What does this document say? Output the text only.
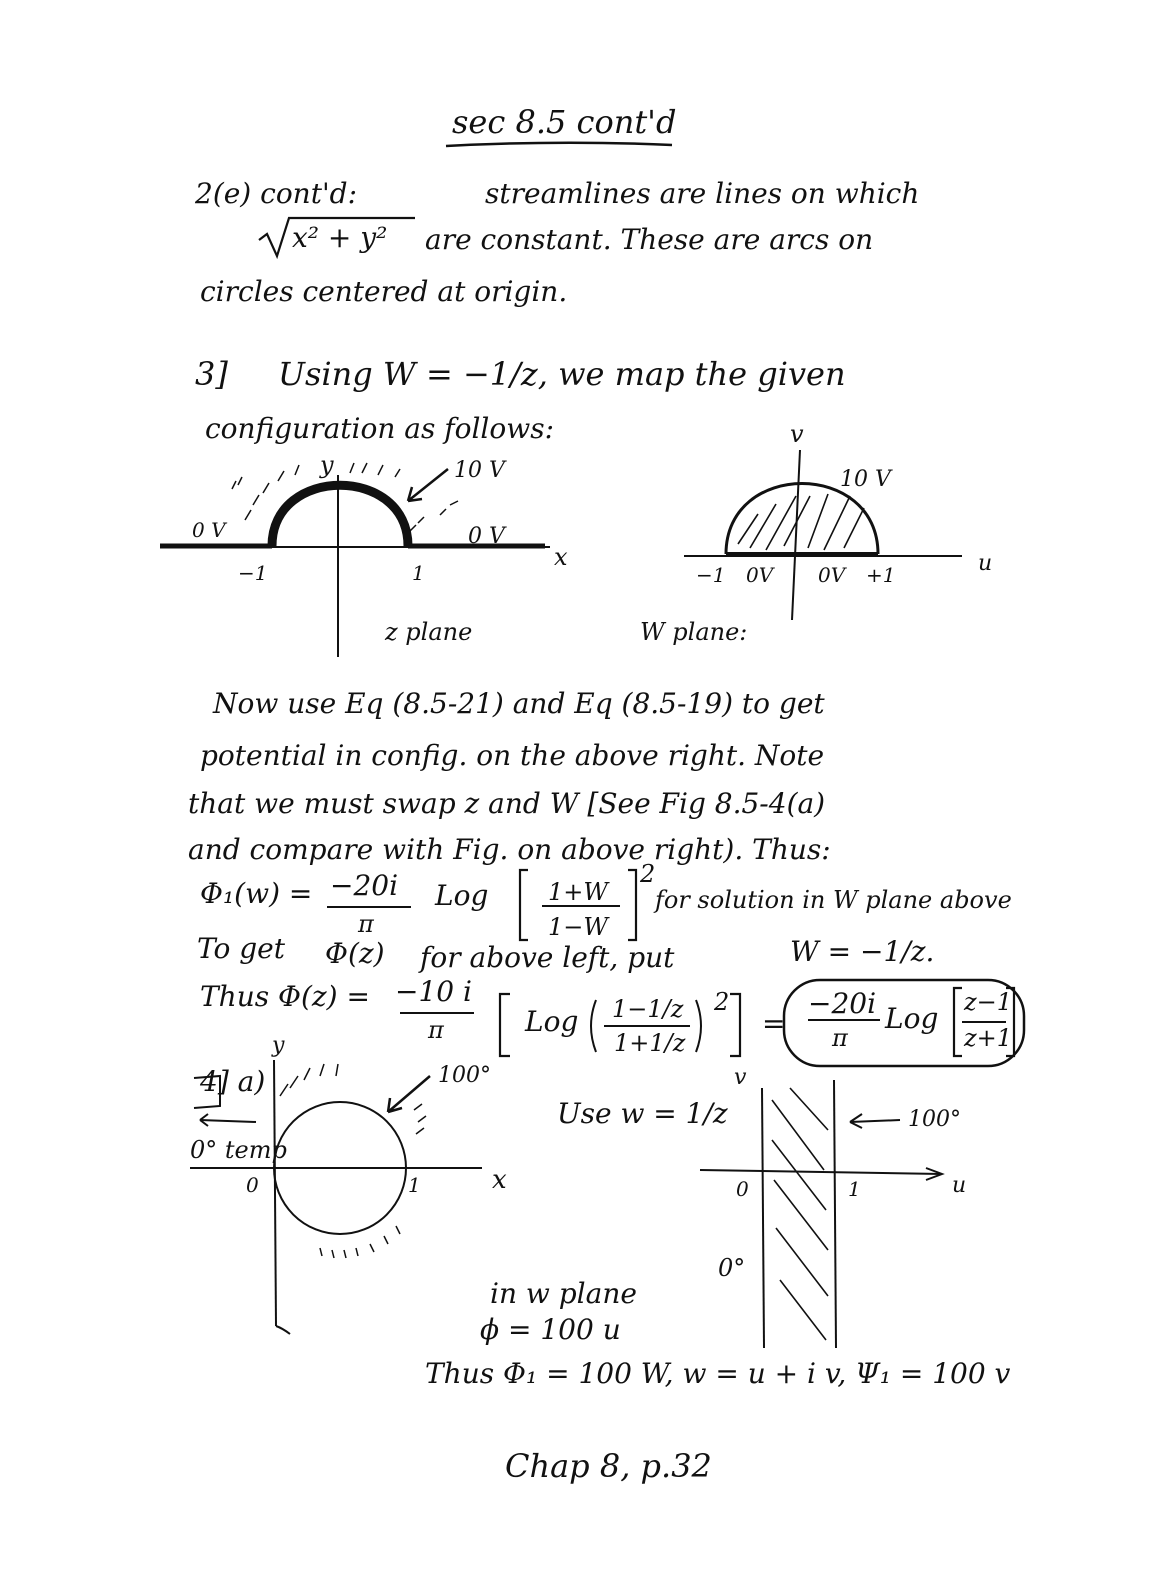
sec 8.5 cont'd
2(e) cont'd:	streamlines are lines on which
x² + y² are constant. These are arcs on
circles centered at origin.
3] Using W = −1/z, we map the given
configuration as follows:
y
x
−1	1
10 V
0 V	0 V
z plane
v
u
−1 0V 0V +1
10 V
W plane:
Now use Eq (8.5-21) and Eq (8.5-19) to get
potential in config. on the above right. Note
that we must swap z and W [See Fig 8.5-4(a)
and compare with Fig. on above right). Thus:
Φ₁(w) = −20i
π
Log 1+W
1−W
2
for solution in W plane above
To get Φ(z) for above left, put	W = −1/z.
Thus Φ(z) = −10 i
π	Log 1−1/z
1+1/z
2
=
−20i
π
Log z−1
z+1
y
x
0	1
100°
4] a)
0° temp
Use w = 1/z
v
u
0	1
100°
0°
in w plane
ϕ = 100 u
Thus Φ₁ = 100 W, w = u + i v, Ψ₁ = 100 v
Chap 8, p.32
